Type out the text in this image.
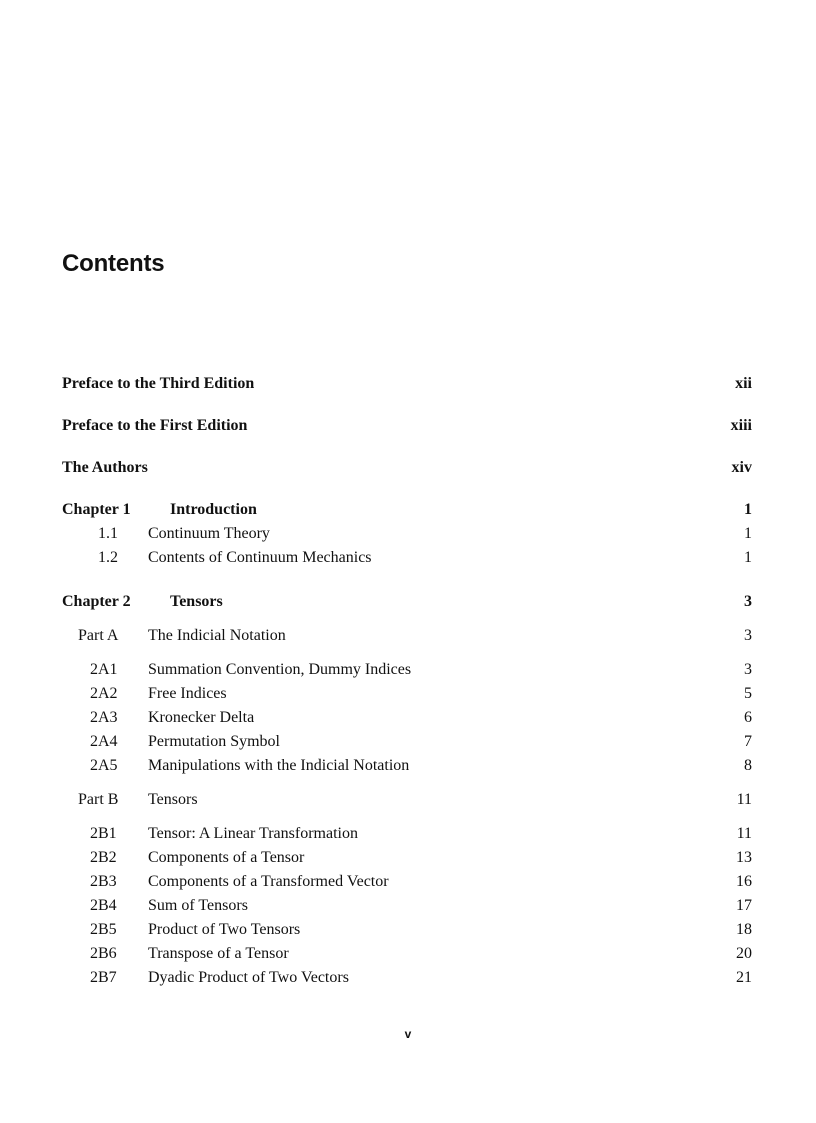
Contents
Preface to the Third Edition	xii
Preface to the First Edition	xiii
The Authors	xiv
Chapter 1 Introduction	1
1.1 Continuum Theory	1
1.2 Contents of Continuum Mechanics	1
Chapter 2 Tensors	3
Part A The Indicial Notation	3
2A1 Summation Convention, Dummy Indices	3
2A2 Free Indices	5
2A3 Kronecker Delta	6
2A4 Permutation Symbol	7
2A5 Manipulations with the Indicial Notation	8
Part B Tensors	11
2B1 Tensor: A Linear Transformation	11
2B2 Components of a Tensor	13
2B3 Components of a Transformed Vector	16
2B4 Sum of Tensors	17
2B5 Product of Two Tensors	18
2B6 Transpose of a Tensor	20
2B7 Dyadic Product of Two Vectors	21
v
